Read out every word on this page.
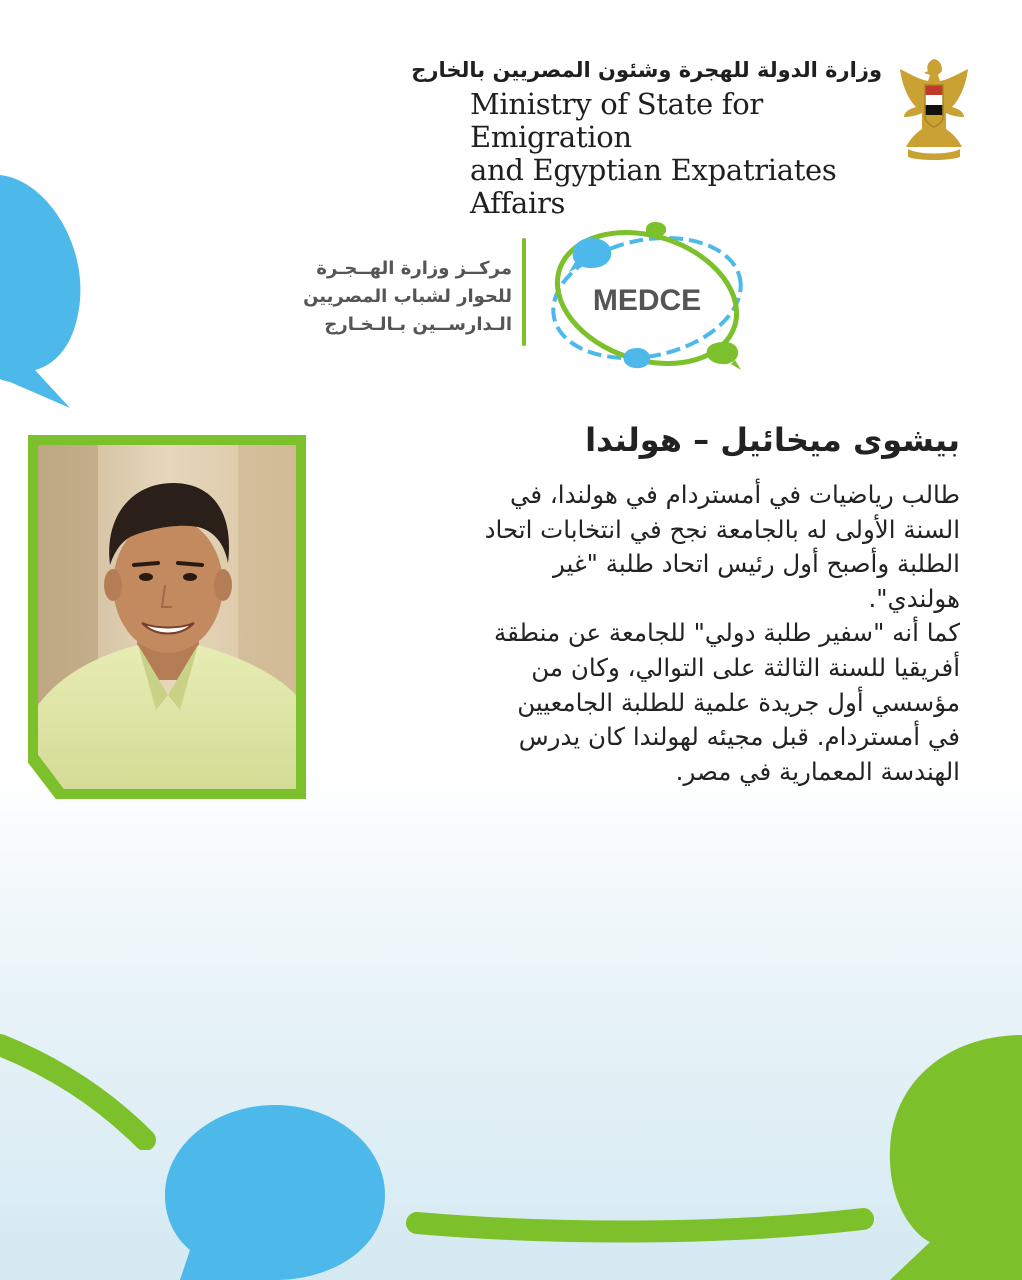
وزارة الدولة للهجرة وشئون المصريين بالخارج
Ministry of State for Emigration
and Egyptian Expatriates Affairs
مركــز وزارة الهــجـرة
للحوار لشباب المصريين
الـدارســين بـالـخـارج
MEDCE
بيشوى ميخائيل – هولندا
طالب رياضيات في أمستردام في هولندا، في
السنة الأولى له بالجامعة نجح في انتخابات اتحاد
الطلبة وأصبح أول رئيس اتحاد طلبة "غير
هولندي".
كما أنه "سفير طلبة دولي" للجامعة عن منطقة
أفريقيا للسنة الثالثة على التوالي، وكان من
مؤسسي أول جريدة علمية للطلبة الجامعيين
في أمستردام. قبل مجيئه لهولندا كان يدرس
الهندسة المعمارية في مصر.
